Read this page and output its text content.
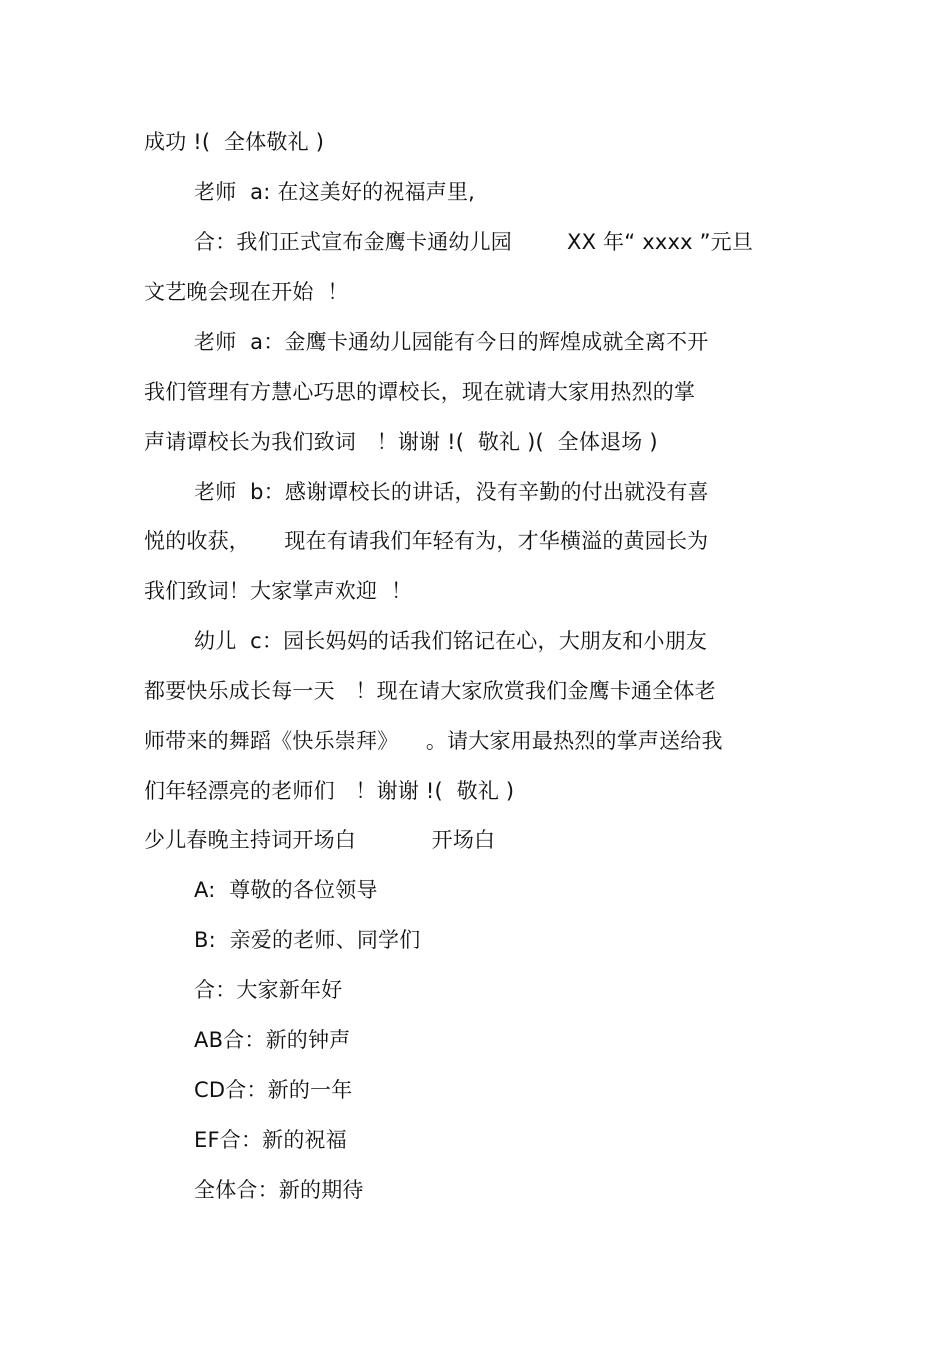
成功 !(  全体敬礼 )
老师  a: 在这美好的祝福声里,
合：我们正式宣布金鹰卡通幼儿园        XX 年“ xxxx ”元旦
文艺晚会现在开始  ！
老师  a：金鹰卡通幼儿园能有今日的辉煌成就全离不开
我们管理有方慧心巧思的谭校长，现在就请大家用热烈的掌
声请谭校长为我们致词   ！谢谢 !(  敬礼 )(  全体退场 )
老师  b：感谢谭校长的讲话，没有辛勤的付出就没有喜
悦的收获，     现在有请我们年轻有为，才华横溢的黄园长为
我们致词！大家掌声欢迎  ！
幼儿  c：园长妈妈的话我们铭记在心，大朋友和小朋友
都要快乐成长每一天   ！现在请大家欣赏我们金鹰卡通全体老
师带来的舞蹈《快乐崇拜》    。请大家用最热烈的掌声送给我
们年轻漂亮的老师们   ！谢谢 !(  敬礼 )
少儿春晚主持词开场白           开场白
A:  尊敬的各位领导
B:  亲爱的老师、同学们
合：大家新年好
AB合：新的钟声
CD合：新的一年
EF合：新的祝福
全体合：新的期待
